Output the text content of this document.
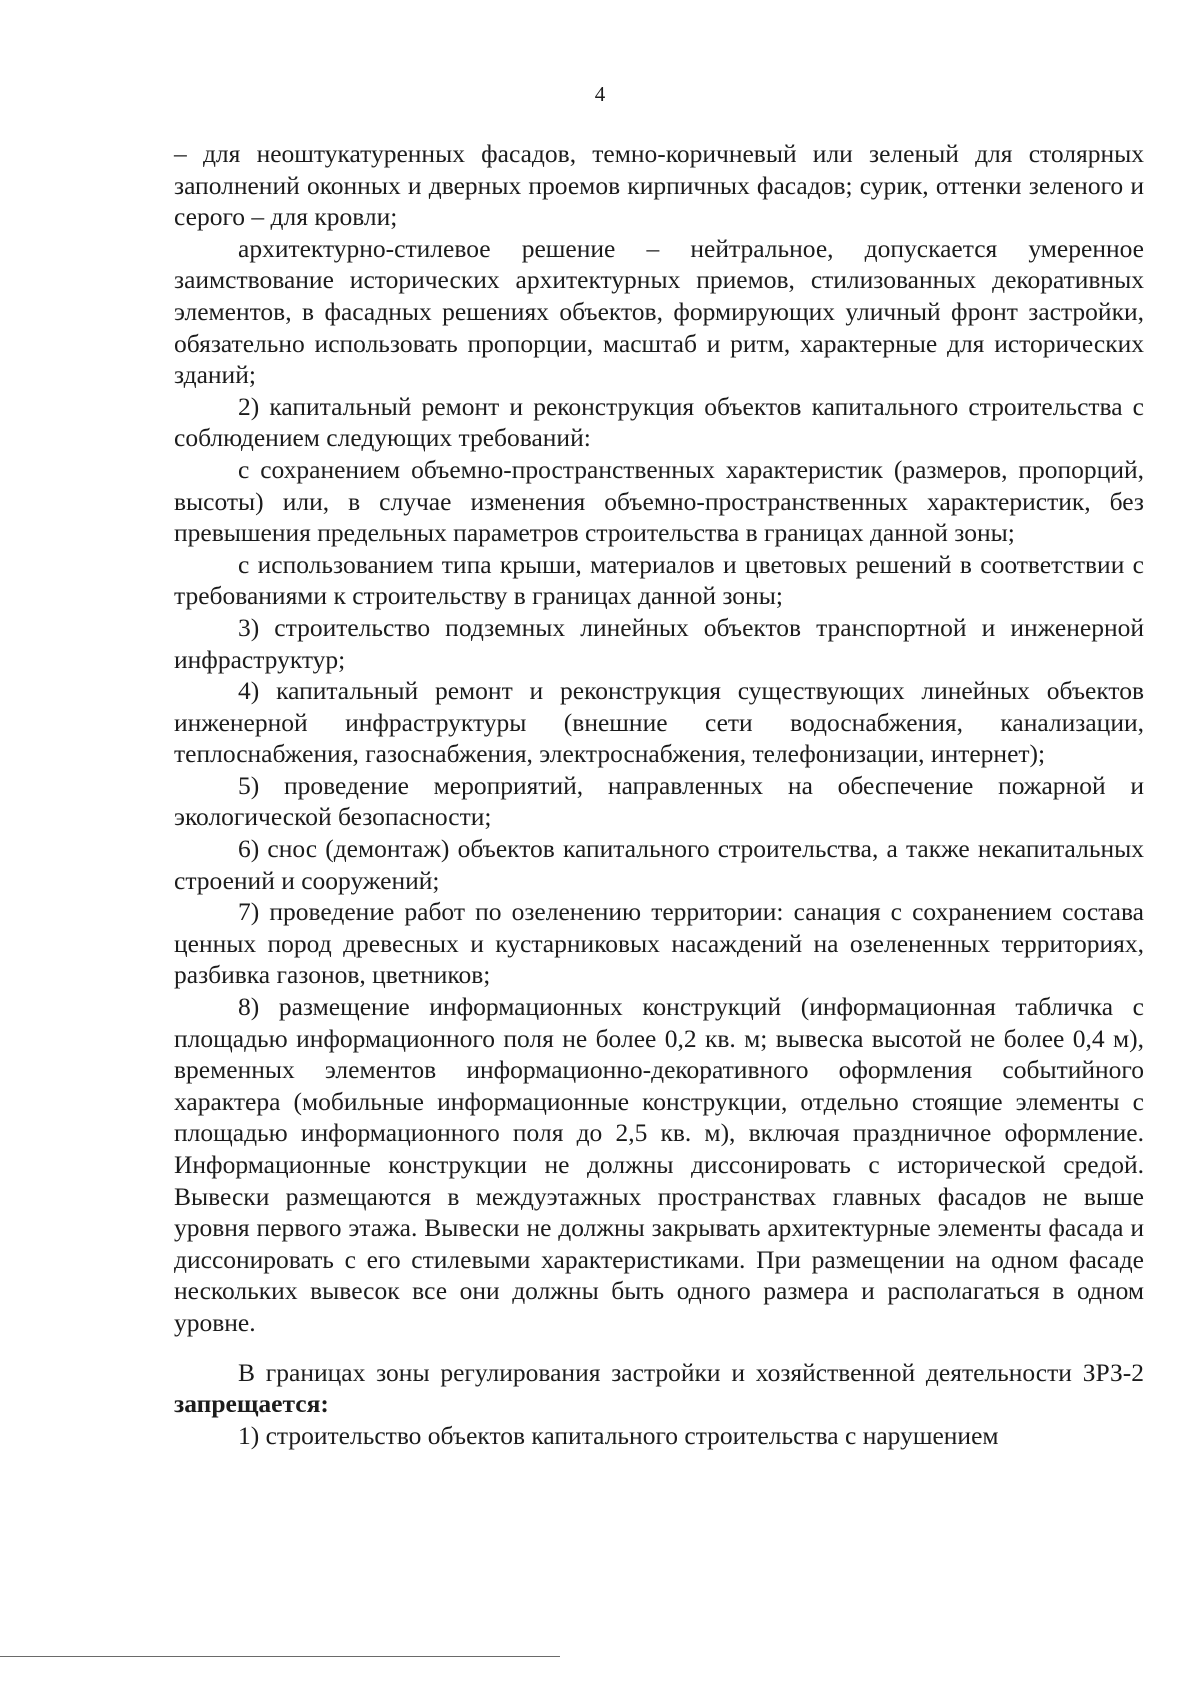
4

– для неоштукатуренных фасадов, темно-коричневый или зеленый для столярных заполнений оконных и дверных проемов кирпичных фасадов; сурик, оттенки зеленого и серого – для кровли;

архитектурно-стилевое решение – нейтральное, допускается умеренное заимствование исторических архитектурных приемов, стилизованных декоративных элементов, в фасадных решениях объектов, формирующих уличный фронт застройки, обязательно использовать пропорции, масштаб и ритм, характерные для исторических зданий;

2) капитальный ремонт и реконструкция объектов капитального строительства с соблюдением следующих требований:

с сохранением объемно-пространственных характеристик (размеров, пропорций, высоты) или, в случае изменения объемно-пространственных характеристик, без превышения предельных параметров строительства в границах данной зоны;

с использованием типа крыши, материалов и цветовых решений в соответствии с требованиями к строительству в границах данной зоны;

3) строительство подземных линейных объектов транспортной и инженерной инфраструктур;

4) капитальный ремонт и реконструкция существующих линейных объектов инженерной инфраструктуры (внешние сети водоснабжения, канализации, теплоснабжения, газоснабжения, электроснабжения, телефонизации, интернет);

5) проведение мероприятий, направленных на обеспечение пожарной и экологической безопасности;

6) снос (демонтаж) объектов капитального строительства, а также некапитальных строений и сооружений;

7) проведение работ по озеленению территории: санация с сохранением состава ценных пород древесных и кустарниковых насаждений на озелененных территориях, разбивка газонов, цветников;

8) размещение информационных конструкций (информационная табличка с площадью информационного поля не более 0,2 кв. м; вывеска высотой не более 0,4 м), временных элементов информационно-декоративного оформления событийного характера (мобильные информационные конструкции, отдельно стоящие элементы с площадью информационного поля до 2,5 кв. м), включая праздничное оформление. Информационные конструкции не должны диссонировать с исторической средой. Вывески размещаются в междуэтажных пространствах главных фасадов не выше уровня первого этажа. Вывески не должны закрывать архитектурные элементы фасада и диссонировать с его стилевыми характеристиками. При размещении на одном фасаде нескольких вывесок все они должны быть одного размера и располагаться в одном уровне.

В границах зоны регулирования застройки и хозяйственной деятельности ЗРЗ-2 запрещается:

1) строительство объектов капитального строительства с нарушением
